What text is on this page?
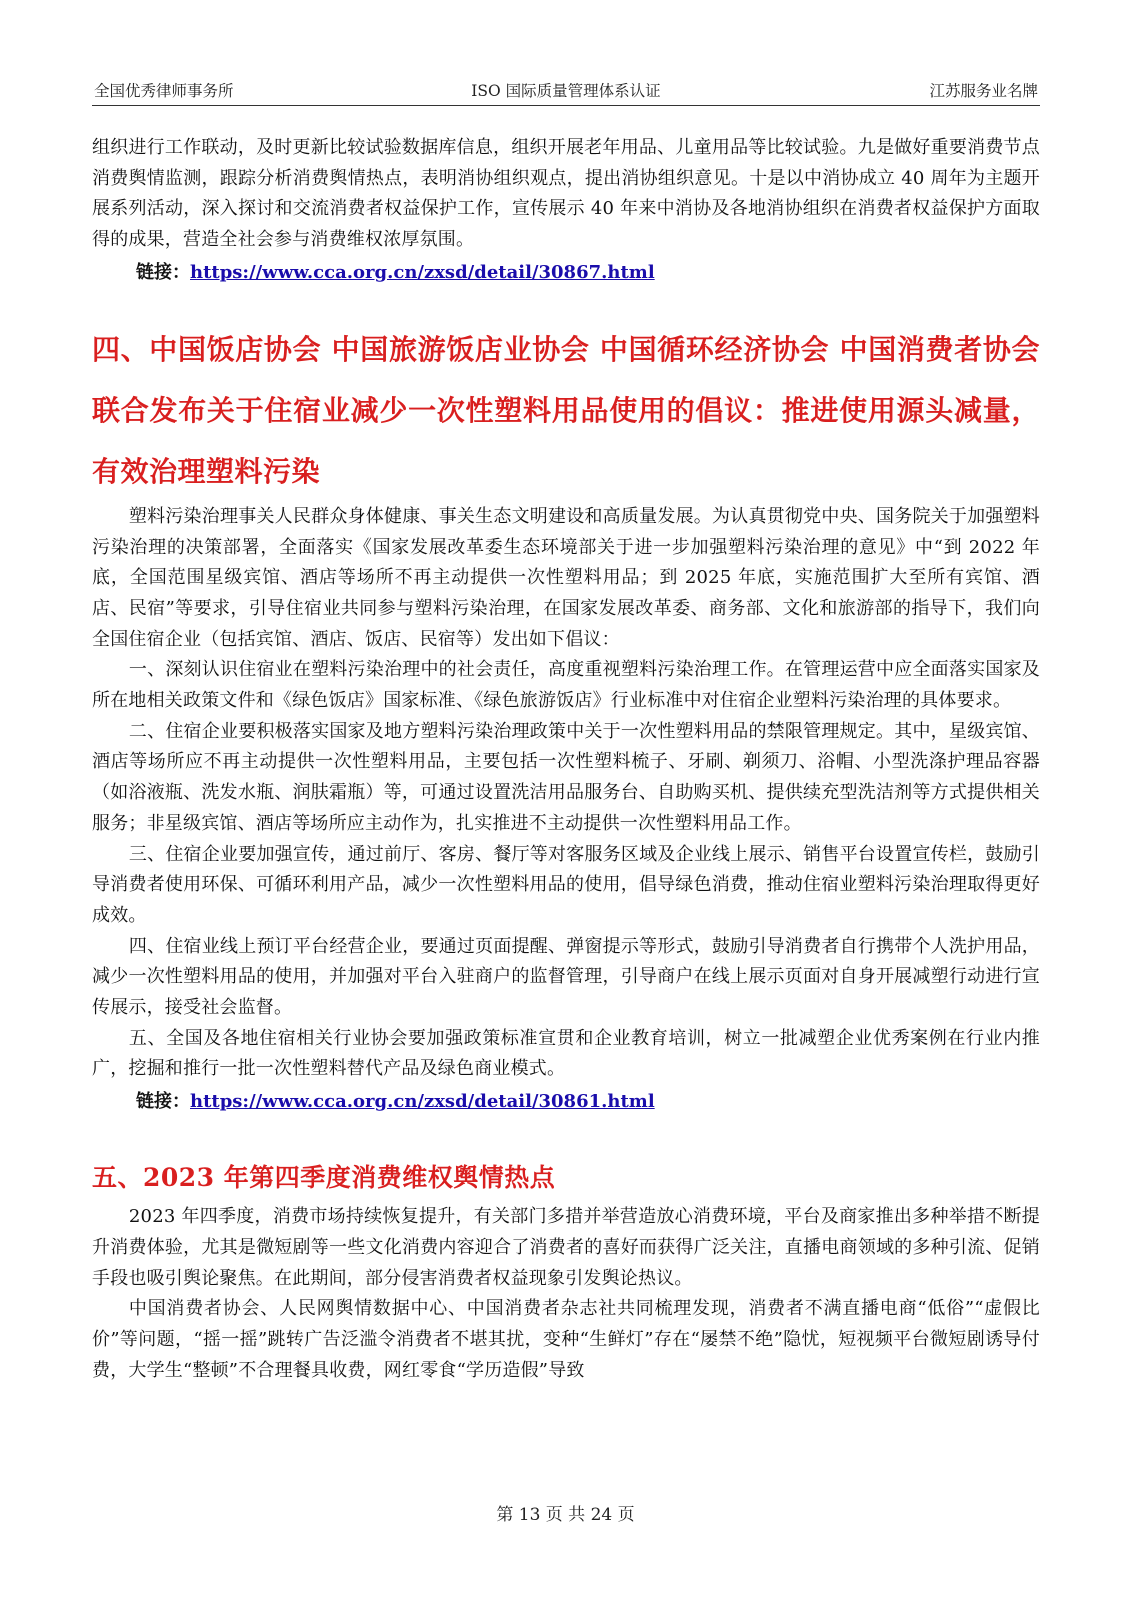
全国优秀律师事务所	ISO 国际质量管理体系认证	江苏服务业名牌

组织进行工作联动，及时更新比较试验数据库信息，组织开展老年用品、儿童用品等比较试验。九是做好重要消费节点消费舆情监测，跟踪分析消费舆情热点，表明消协组织观点，提出消协组织意见。十是以中消协成立 40 周年为主题开展系列活动，深入探讨和交流消费者权益保护工作，宣传展示 40 年来中消协及各地消协组织在消费者权益保护方面取得的成果，营造全社会参与消费维权浓厚氛围。

链接：https://www.cca.org.cn/zxsd/detail/30867.html

四、中国饭店协会 中国旅游饭店业协会 中国循环经济协会 中国消费者协会联合发布关于住宿业减少一次性塑料用品使用的倡议：推进使用源头减量，有效治理塑料污染

塑料污染治理事关人民群众身体健康、事关生态文明建设和高质量发展。为认真贯彻党中央、国务院关于加强塑料污染治理的决策部署，全面落实《国家发展改革委生态环境部关于进一步加强塑料污染治理的意见》中“到 2022 年底，全国范围星级宾馆、酒店等场所不再主动提供一次性塑料用品；到 2025 年底，实施范围扩大至所有宾馆、酒店、民宿”等要求，引导住宿业共同参与塑料污染治理，在国家发展改革委、商务部、文化和旅游部的指导下，我们向全国住宿企业（包括宾馆、酒店、饭店、民宿等）发出如下倡议：

一、深刻认识住宿业在塑料污染治理中的社会责任，高度重视塑料污染治理工作。在管理运营中应全面落实国家及所在地相关政策文件和《绿色饭店》国家标准、《绿色旅游饭店》行业标准中对住宿企业塑料污染治理的具体要求。

二、住宿企业要积极落实国家及地方塑料污染治理政策中关于一次性塑料用品的禁限管理规定。其中，星级宾馆、酒店等场所应不再主动提供一次性塑料用品，主要包括一次性塑料梳子、牙刷、剃须刀、浴帽、小型洗涤护理品容器（如浴液瓶、洗发水瓶、润肤霜瓶）等，可通过设置洗洁用品服务台、自助购买机、提供续充型洗洁剂等方式提供相关服务；非星级宾馆、酒店等场所应主动作为，扎实推进不主动提供一次性塑料用品工作。

三、住宿企业要加强宣传，通过前厅、客房、餐厅等对客服务区域及企业线上展示、销售平台设置宣传栏，鼓励引导消费者使用环保、可循环利用产品，减少一次性塑料用品的使用，倡导绿色消费，推动住宿业塑料污染治理取得更好成效。

四、住宿业线上预订平台经营企业，要通过页面提醒、弹窗提示等形式，鼓励引导消费者自行携带个人洗护用品，减少一次性塑料用品的使用，并加强对平台入驻商户的监督管理，引导商户在线上展示页面对自身开展减塑行动进行宣传展示，接受社会监督。

五、全国及各地住宿相关行业协会要加强政策标准宣贯和企业教育培训，树立一批减塑企业优秀案例在行业内推广，挖掘和推行一批一次性塑料替代产品及绿色商业模式。

链接：https://www.cca.org.cn/zxsd/detail/30861.html

五、2023 年第四季度消费维权舆情热点

2023 年四季度，消费市场持续恢复提升，有关部门多措并举营造放心消费环境，平台及商家推出多种举措不断提升消费体验，尤其是微短剧等一些文化消费内容迎合了消费者的喜好而获得广泛关注，直播电商领域的多种引流、促销手段也吸引舆论聚焦。在此期间，部分侵害消费者权益现象引发舆论热议。

中国消费者协会、人民网舆情数据中心、中国消费者杂志社共同梳理发现，消费者不满直播电商“低俗”“虚假比价”等问题，“摇一摇”跳转广告泛滥令消费者不堪其扰，变种“生鲜灯”存在“屡禁不绝”隐忧，短视频平台微短剧诱导付费，大学生“整顿”不合理餐具收费，网红零食“学历造假”导致

第 13 页 共 24 页
